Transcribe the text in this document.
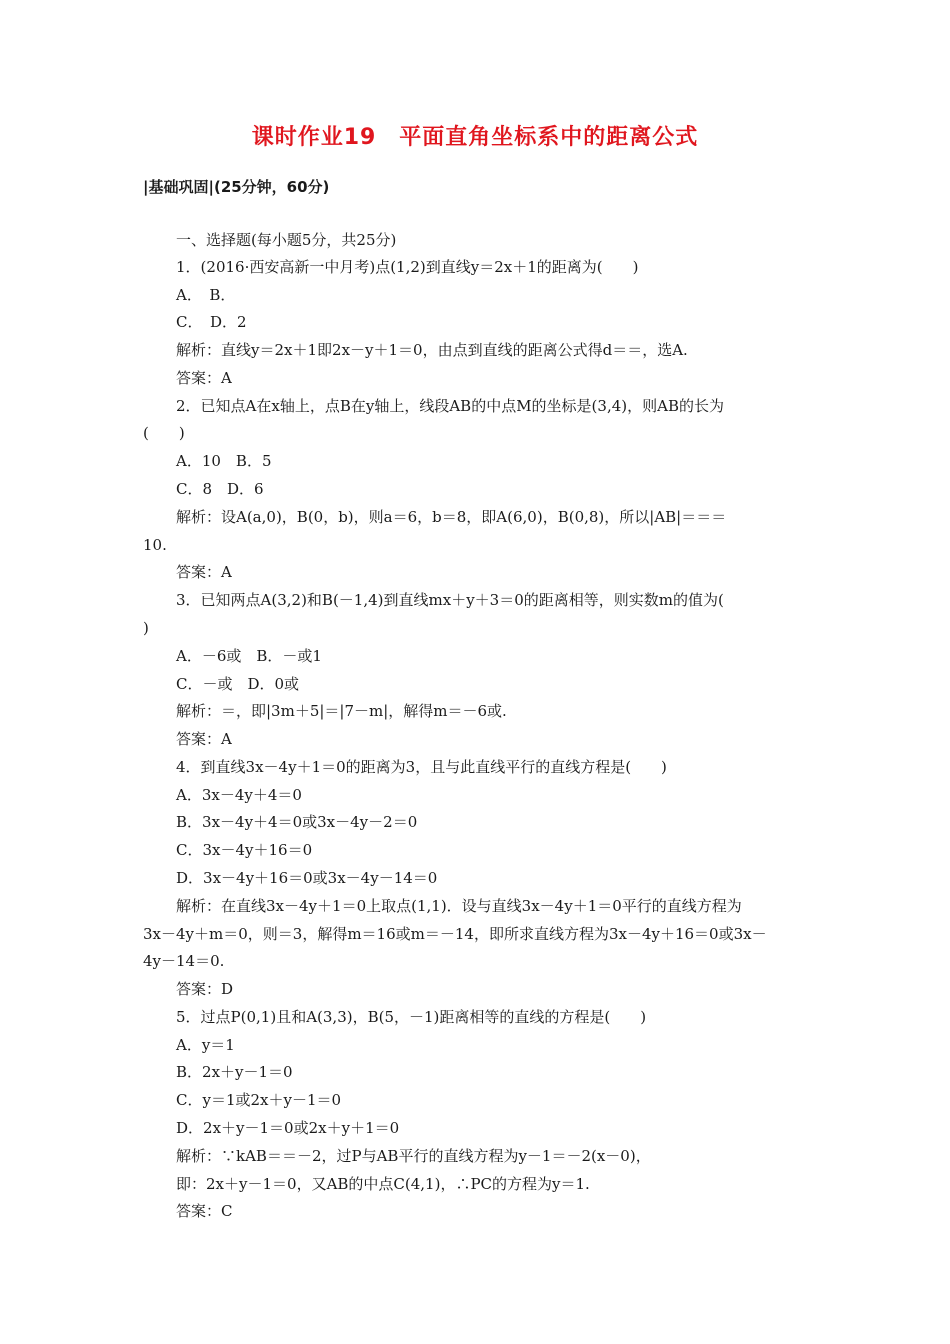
课时作业19　平面直角坐标系中的距离公式
|基础巩固|(25分钟，60分)
一、选择题(每小题5分，共25分)
1．(2016·西安高新一中月考)点(1,2)到直线y＝2x＋1的距离为(　　)
A．　B．
C．　D．2
解析：直线y＝2x＋1即2x－y＋1＝0，由点到直线的距离公式得d＝＝，选A.
答案：A
2．已知点A在x轴上，点B在y轴上，线段AB的中点M的坐标是(3,4)，则AB的长为
(　　)
A．10　B．5
C．8　D．6
解析：设A(a,0)，B(0，b)，则a＝6，b＝8，即A(6,0)，B(0,8)，所以|AB|＝＝＝
10.
答案：A
3．已知两点A(3,2)和B(－1,4)到直线mx＋y＋3＝0的距离相等，则实数m的值为(
)
A．－6或　B．－或1
C．－或　D．0或
解析：＝，即|3m＋5|＝|7－m|，解得m＝－6或.
答案：A
4．到直线3x－4y＋1＝0的距离为3，且与此直线平行的直线方程是(　　)
A．3x－4y＋4＝0
B．3x－4y＋4＝0或3x－4y－2＝0
C．3x－4y＋16＝0
D．3x－4y＋16＝0或3x－4y－14＝0
解析：在直线3x－4y＋1＝0上取点(1,1)．设与直线3x－4y＋1＝0平行的直线方程为
3x－4y＋m＝0，则＝3，解得m＝16或m＝－14，即所求直线方程为3x－4y＋16＝0或3x－
4y－14＝0.
答案：D
5．过点P(0,1)且和A(3,3)，B(5，－1)距离相等的直线的方程是(　　)
A．y＝1
B．2x＋y－1＝0
C．y＝1或2x＋y－1＝0
D．2x＋y－1＝0或2x＋y＋1＝0
解析：∵kAB＝＝－2，过P与AB平行的直线方程为y－1＝－2(x－0)，
即：2x＋y－1＝0，又AB的中点C(4,1)，∴PC的方程为y＝1.
答案：C
